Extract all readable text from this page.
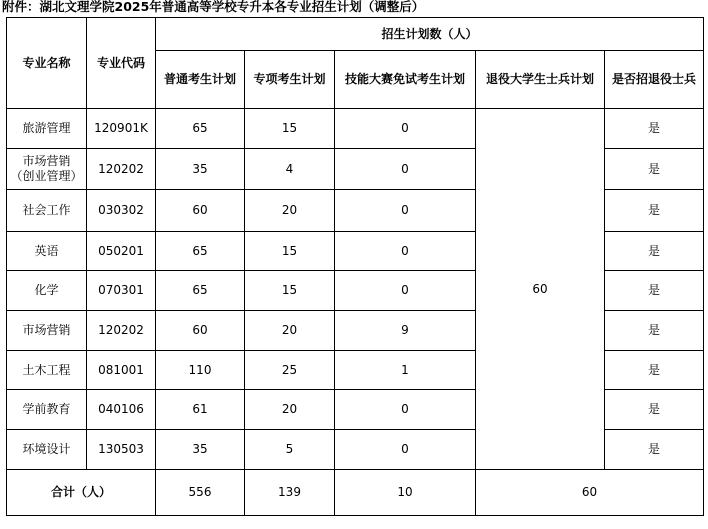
附件：湖北文理学院2025年普通高等学校专升本各专业招生计划（调整后）
专业名称	专业代码	招生计划数（人）				
		普通考生计划	专项考生计划	技能大赛免试考生计划	退役大学生士兵计划	是否招退役士兵

旅游管理	120901K	65	15	0	60	是

市场营销
（创业管理）	120202	35	4	0		是

社会工作	030302	60	20	0		是

英语	050201	65	15	0		是

化学	070301	65	15	0		是

市场营销	120202	60	20	9		是

土木工程	081001	110	25	1		是

学前教育	040106	61	20	0		是

环境设计	130503	35	5	0		是
合计（人）		556	139	10	60	
